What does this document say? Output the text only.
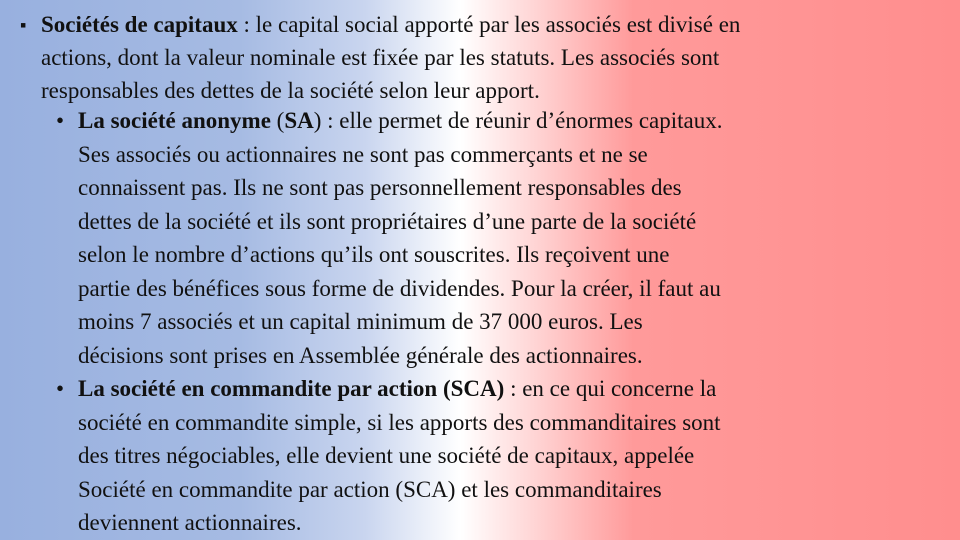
▪ Sociétés de capitaux : le capital social apporté par les associés est divisé en
actions, dont la valeur nominale est fixée par les statuts. Les associés sont
responsables des dettes de la société selon leur apport.
• La société anonyme (SA) : elle permet de réunir d’énormes capitaux.
Ses associés ou actionnaires ne sont pas commerçants et ne se
connaissent pas. Ils ne sont pas personnellement responsables des
dettes de la société et ils sont propriétaires d’une parte de la société
selon le nombre d’actions qu’ils ont souscrites. Ils reçoivent une
partie des bénéfices sous forme de dividendes. Pour la créer, il faut au
moins 7 associés et un capital minimum de 37 000 euros. Les
décisions sont prises en Assemblée générale des actionnaires.
• La société en commandite par action (SCA) : en ce qui concerne la
société en commandite simple, si les apports des commanditaires sont
des titres négociables, elle devient une société de capitaux, appelée
Société en commandite par action (SCA) et les commanditaires
deviennent actionnaires.
